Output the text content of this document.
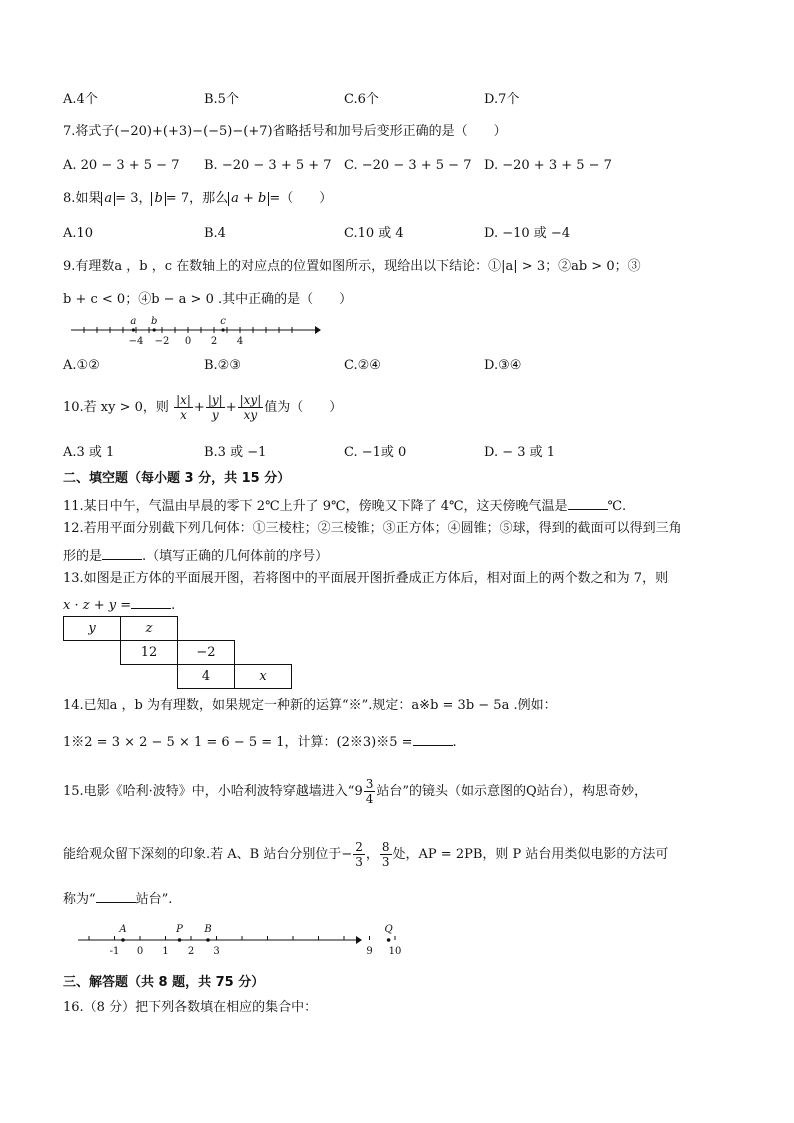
A.4个	B.5个	C.6个	D.7个
7.将式子(−20)+(+3)−(−5)−(+7)省略括号和加号后变形正确的是（　　）
A. 20 − 3 + 5 − 7 B. −20 − 3 + 5 + 7 C. −20 − 3 + 5 − 7 D. −20 + 3 + 5 − 7
8.如果 a = 3， b = 7，那么 a + b =（　　）
A.10	B.4	C.10 或 4	D. −10 或 −4
9.有理数a ，b ，c 在数轴上的对应点的位置如图所示，现给出以下结论：①|a| > 3；②ab > 0；③
b + c < 0；④b − a > 0 .其中正确的是（　　）
−4 −2 0 2 4
a b	c
A.①②	B.②③	C.②④	D.③④
10.若 xy > 0，则 $\frac{|x|}{x} + \frac{|y|}{y} + \frac{|xy|}{xy}$ 值为（　　）
A.3 或 1	B.3 或 −1	C. −1或 0	D. − 3 或 1
二、填空题（每小题 3 分，共 15 分）
11.某日中午，气温由早晨的零下 2℃上升了 9℃，傍晚又下降了 4℃，这天傍晚气温是	℃.
12.若用平面分别截下列几何体：①三棱柱；②三棱锥；③正方体；④圆锥；⑤球，得到的截面可以得到三角
形的是	.（填写正确的几何体前的序号）
13.如图是正方体的平面展开图，若将图中的平面展开图折叠成正方体后，相对面上的两个数之和为 7，则
x · z + y =	.
y	z		
	12	−2	
		4	x
14.已知a ，b 为有理数，如果规定一种新的运算“※”.规定：a※b = 3b − 5a .例如：
1※2 = 3 × 2 − 5 × 1 = 6 − 5 = 1，计算：(2※3)※5 =	.
15.电影《哈利·波特》中，小哈利波特穿越墙进入“$9 \frac{3}{4}$ 站台”的镜头（如示意图的Q站台），构思奇妙，
能给观众留下深刻的印象.若 A、B 站台分别位于− $\frac{2}{3}$ ， $\frac{8}{3}$ 处，AP = 2PB，则 P 站台用类似电影的方法可
称为“	站台”.
-1 0 1 2 3	9 10
A	P B	Q
三、解答题（共 8 题，共 75 分）
16.（8 分）把下列各数填在相应的集合中：
